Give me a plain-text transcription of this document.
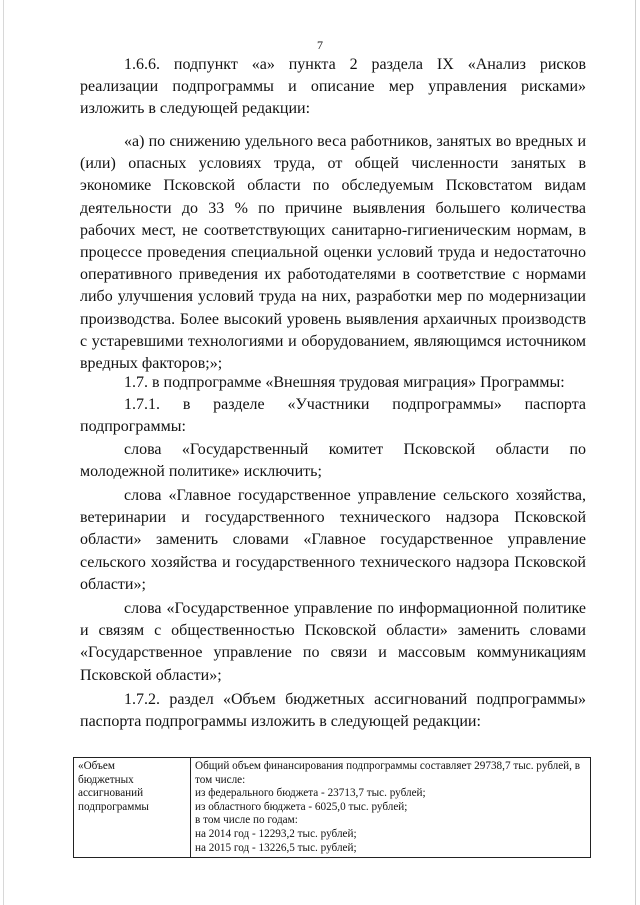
7

1.6.6. подпункт «а» пункта 2 раздела IX «Анализ рисков реализации подпрограммы и описание мер управления рисками» изложить в следующей редакции:

«а) по снижению удельного веса работников, занятых во вредных и (или) опасных условиях труда, от общей численности занятых в экономике Псковской области по обследуемым Псковстатом видам деятельности до 33 % по причине выявления большего количества рабочих мест, не соответствующих санитарно-гигиеническим нормам, в процессе проведения специальной оценки условий труда и недостаточно оперативного приведения их работодателями в соответствие с нормами либо улучшения условий труда на них, разработки мер по модернизации производства. Более высокий уровень выявления архаичных производств с устаревшими технологиями и оборудованием, являющимся источником вредных факторов;»;

1.7. в подпрограмме «Внешняя трудовая миграция» Программы:

1.7.1. в разделе «Участники подпрограммы» паспорта подпрограммы:

слова «Государственный комитет Псковской области по молодежной политике» исключить;

слова «Главное государственное управление сельского хозяйства, ветеринарии и государственного технического надзора Псковской области» заменить словами «Главное государственное управление сельского хозяйства и государственного технического надзора Псковской области»;

слова «Государственное управление по информационной политике и связям с общественностью Псковской области» заменить словами «Государственное управление по связи и массовым коммуникациям Псковской области»;

1.7.2. раздел «Объем бюджетных ассигнований подпрограммы» паспорта подпрограммы изложить в следующей редакции:

«Объем
бюджетных
ассигнований
подпрограммы

Общий объем финансирования подпрограммы составляет 29738,7 тыс. рублей, в том числе:
из федерального бюджета - 23713,7 тыс. рублей;
из областного бюджета - 6025,0 тыс. рублей;
в том числе по годам:
на 2014 год - 12293,2 тыс. рублей;
на 2015 год - 13226,5 тыс. рублей;
